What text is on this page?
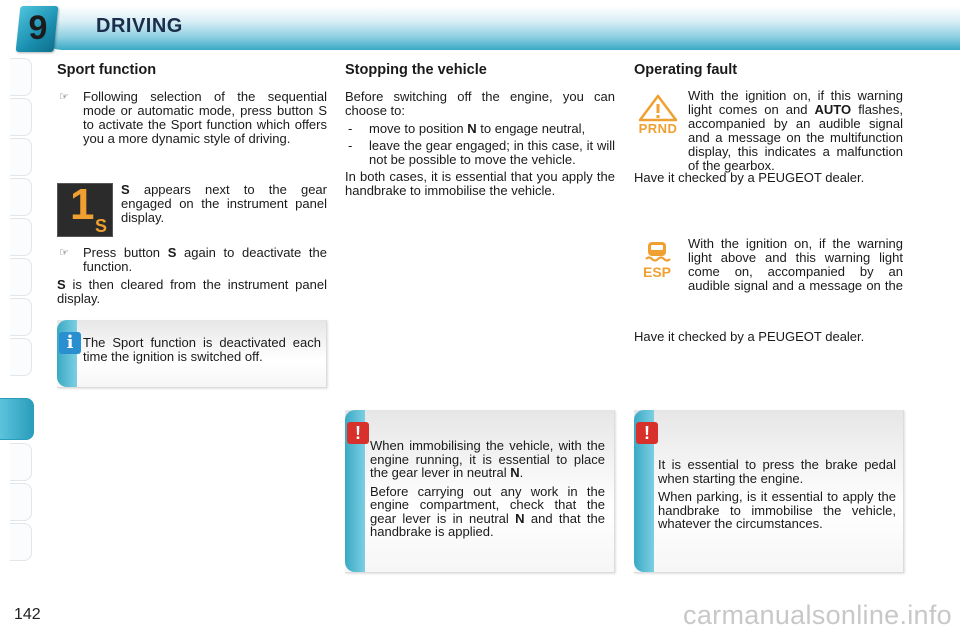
9	DRIVING
Sport function
☞ Following selection of the sequential mode or automatic mode, press button S to activate the Sport function which offers you a more dynamic style of driving.
1 S
S appears next to the gear engaged on the instrument panel display.
☞ Press button S again to deactivate the function.

S is then cleared from the instrument panel display.

i The Sport function is deactivated each time the ignition is switched off.
Stopping the vehicle

Before switching off the engine, you can choose to:

- move to position N to engage neutral,
- leave the gear engaged; in this case, it will not be possible to move the vehicle.

In both cases, it is essential that you apply the handbrake to immobilise the vehicle.

!

When immobilising the vehicle, with the engine running, it is essential to place the gear lever in neutral N.

Before carrying out any work in the engine compartment, check that the gear lever is in neutral N and that the handbrake is applied.

Operating fault
PRND
With the ignition on, if this warning light comes on and AUTO flashes, accompanied by an audible signal and a message on the multifunction display, this indicates a malfunction of the gearbox.
Have it checked by a PEUGEOT dealer.
ESP
With the ignition on, if the warning light above and this warning light come on, accompanied by an audible signal and a message on the

Have it checked by a PEUGEOT dealer.
!

It is essential to press the brake pedal when starting the engine.

When parking, is it essential to apply the handbrake to immobilise the vehicle, whatever the circumstances.

142	carmanualsonline.info
